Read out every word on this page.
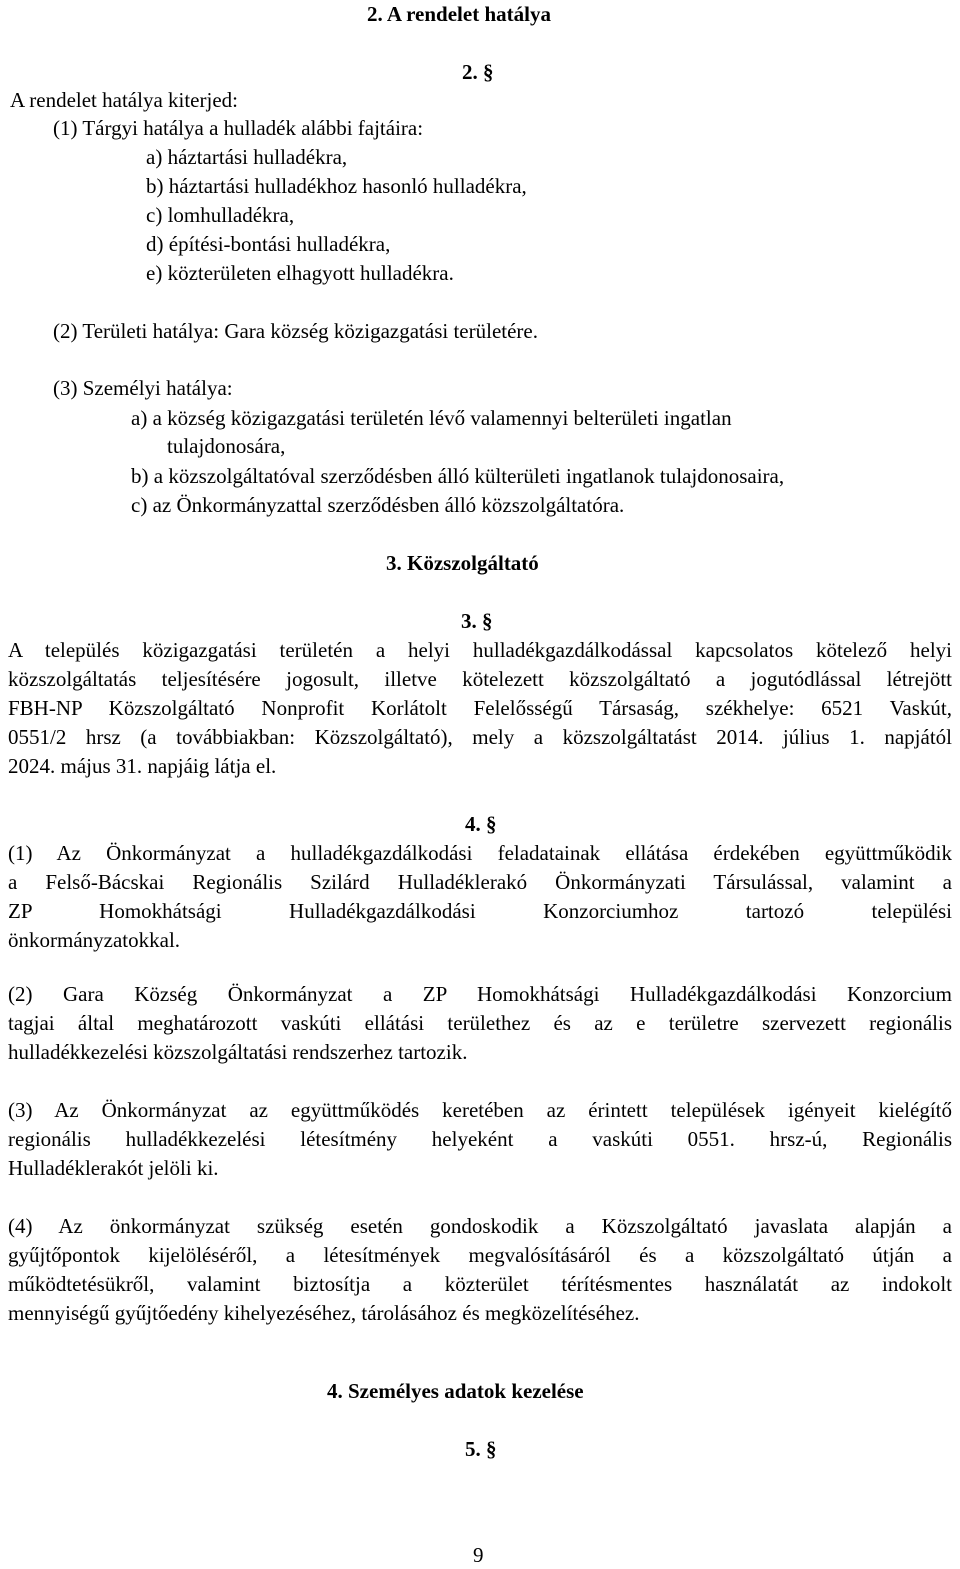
2. A rendelet hatálya
2. §
A rendelet hatálya kiterjed:
(1) Tárgyi hatálya a hulladék alábbi fajtáira:
a) háztartási hulladékra,
b) háztartási hulladékhoz hasonló hulladékra,
c) lomhulladékra,
d) építési-bontási hulladékra,
e) közterületen elhagyott hulladékra.
(2) Területi hatálya: Gara község közigazgatási területére.
(3) Személyi hatálya:
a) a község közigazgatási területén lévő valamennyi belterületi ingatlan
tulajdonosára,
b) a közszolgáltatóval szerződésben álló külterületi ingatlanok tulajdonosaira,
c) az Önkormányzattal szerződésben álló közszolgáltatóra.
3. Közszolgáltató
3. §
A település közigazgatási területén a helyi hulladékgazdálkodással kapcsolatos kötelező helyi
közszolgáltatás teljesítésére jogosult, illetve kötelezett közszolgáltató a jogutódlással létrejött
FBH-NP Közszolgáltató Nonprofit Korlátolt Felelősségű Társaság, székhelye: 6521 Vaskút,
0551/2 hrsz (a továbbiakban: Közszolgáltató), mely a közszolgáltatást 2014. július 1. napjától
2024. május 31. napjáig látja el.
4. §
(1) Az Önkormányzat a hulladékgazdálkodási feladatainak ellátása érdekében együttműködik
a Felső-Bácskai Regionális Szilárd Hulladéklerakó Önkormányzati Társulással, valamint a
ZP Homokhátsági Hulladékgazdálkodási Konzorciumhoz tartozó települési
önkormányzatokkal.
(2) Gara Község Önkormányzat a ZP Homokhátsági Hulladékgazdálkodási Konzorcium
tagjai által meghatározott vaskúti ellátási területhez és az e területre szervezett regionális
hulladékkezelési közszolgáltatási rendszerhez tartozik.
(3) Az Önkormányzat az együttműködés keretében az érintett települések igényeit kielégítő
regionális hulladékkezelési létesítmény helyeként a vaskúti 0551. hrsz-ú, Regionális
Hulladéklerakót jelöli ki.
(4) Az önkormányzat szükség esetén gondoskodik a Közszolgáltató javaslata alapján a
gyűjtőpontok kijelöléséről, a létesítmények megvalósításáról és a közszolgáltató útján a
működtetésükről, valamint biztosítja a közterület térítésmentes használatát az indokolt
mennyiségű gyűjtőedény kihelyezéséhez, tárolásához és megközelítéséhez.
4. Személyes adatok kezelése
5. §
9
